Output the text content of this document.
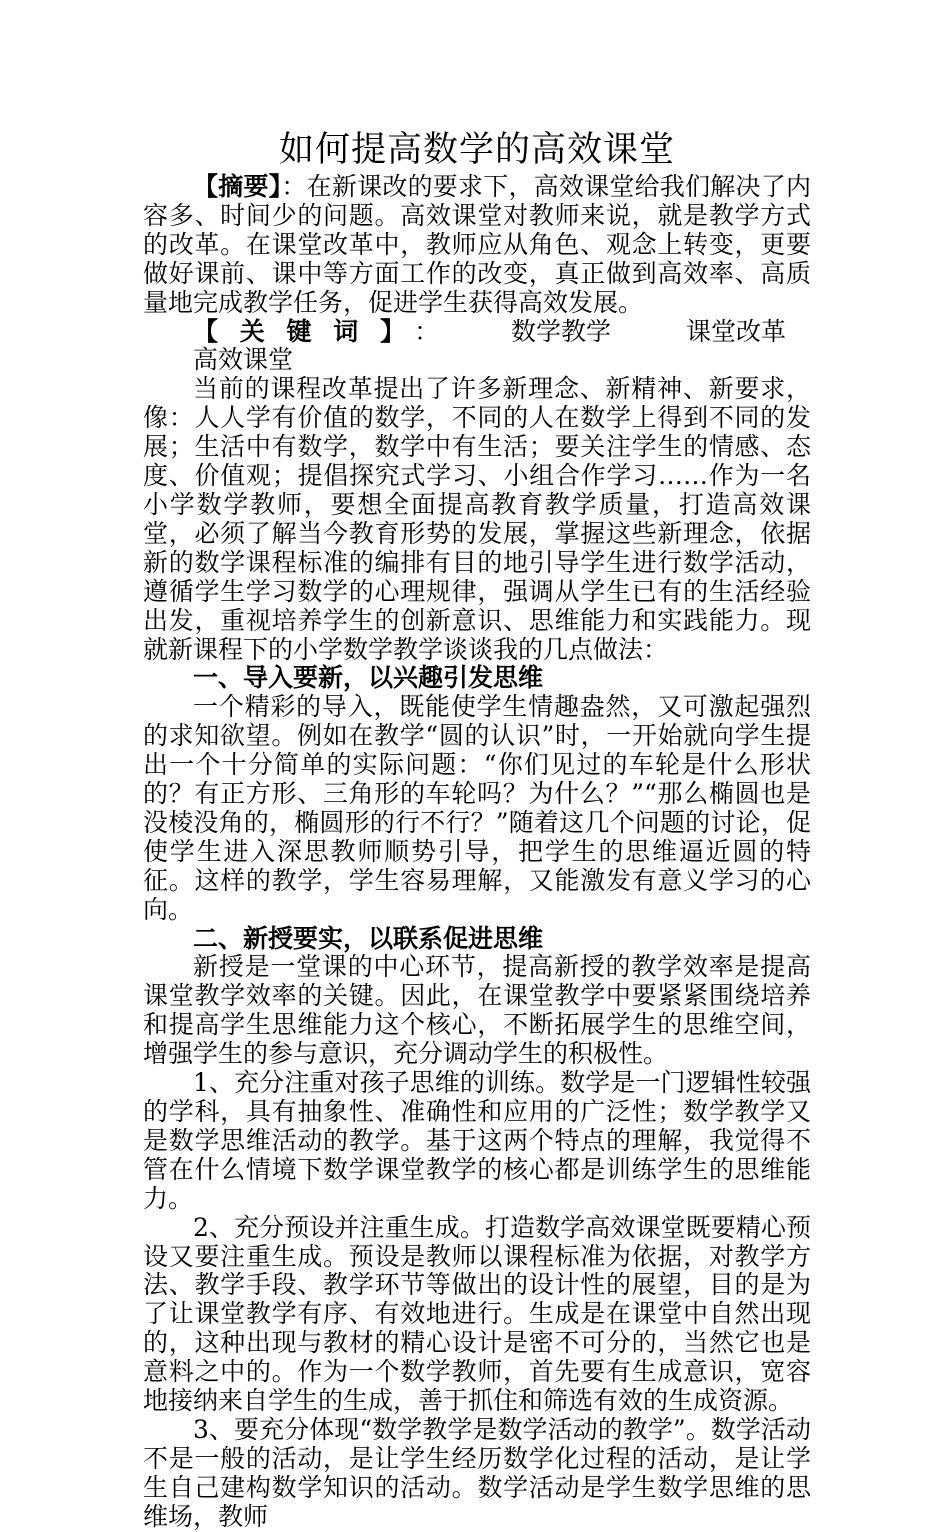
如何提高数学的高效课堂

【摘要】：在新课改的要求下，高效课堂给我们解决了内容多、时间少的问题。高效课堂对教师来说，就是教学方式的改革。在课堂改革中，教师应从角色、观念上转变，更要做好课前、课中等方面工作的改变，真正做到高效率、高质量地完成教学任务，促进学生获得高效发展。

【关键词】： 数学教学	课堂改革高效课堂

当前的课程改革提出了许多新理念、新精神、新要求，像：人人学有价值的数学，不同的人在数学上得到不同的发展；生活中有数学，数学中有生活；要关注学生的情感、态度、价值观；提倡探究式学习、小组合作学习……作为一名小学数学教师，要想全面提高教育教学质量，打造高效课堂，必须了解当今教育形势的发展，掌握这些新理念，依据新的数学课程标准的编排有目的地引导学生进行数学活动，遵循学生学习数学的心理规律，强调从学生已有的生活经验出发，重视培养学生的创新意识、思维能力和实践能力。现就新课程下的小学数学教学谈谈我的几点做法：

一、导入要新，以兴趣引发思维

一个精彩的导入，既能使学生情趣盎然，又可激起强烈的求知欲望。例如在教学“圆的认识”时，一开始就向学生提出一个十分简单的实际问题：“你们见过的车轮是什么形状的？有正方形、三角形的车轮吗？为什么？”“那么椭圆也是没棱没角的，椭圆形的行不行？”随着这几个问题的讨论，促使学生进入深思教师顺势引导，把学生的思维逼近圆的特征。这样的教学，学生容易理解，又能激发有意义学习的心向。

二、新授要实，以联系促进思维

新授是一堂课的中心环节，提高新授的教学效率是提高课堂教学效率的关键。因此，在课堂教学中要紧紧围绕培养和提高学生思维能力这个核心，不断拓展学生的思维空间，增强学生的参与意识，充分调动学生的积极性。

1、充分注重对孩子思维的训练。数学是一门逻辑性较强的学科，具有抽象性、准确性和应用的广泛性；数学教学又是数学思维活动的教学。基于这两个特点的理解，我觉得不管在什么情境下数学课堂教学的核心都是训练学生的思维能力。

2、充分预设并注重生成。打造数学高效课堂既要精心预设又要注重生成。预设是教师以课程标准为依据，对教学方法、教学手段、教学环节等做出的设计性的展望，目的是为了让课堂教学有序、有效地进行。生成是在课堂中自然出现的，这种出现与教材的精心设计是密不可分的，当然它也是意料之中的。作为一个数学教师，首先要有生成意识，宽容地接纳来自学生的生成，善于抓住和筛选有效的生成资源。

3、要充分体现“数学教学是数学活动的教学”。数学活动不是一般的活动，是让学生经历数学化过程的活动，是让学生自己建构数学知识的活动。数学活动是学生数学思维的思维场，教师
